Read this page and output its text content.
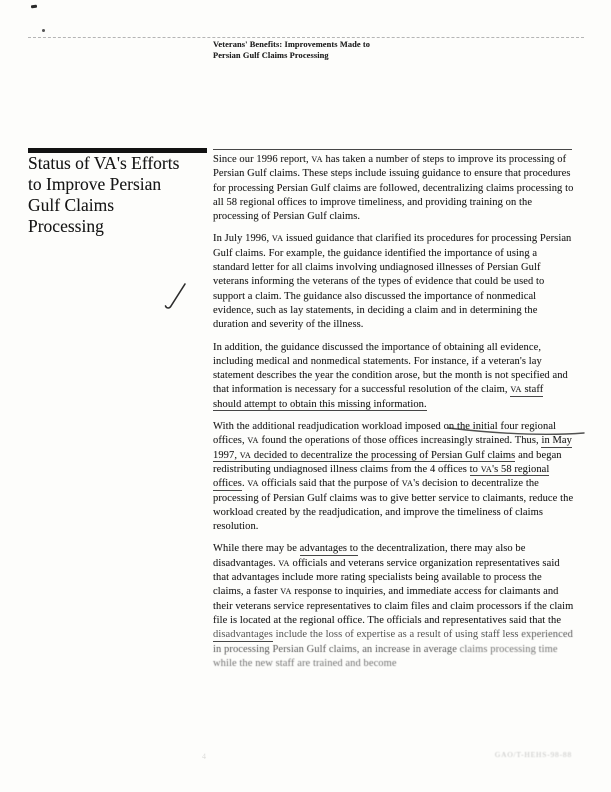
Veterans' Benefits: Improvements Made to
Persian Gulf Claims Processing
Status of VA's Efforts
to Improve Persian
Gulf Claims
Processing

Since our 1996 report, VA has taken a number of steps to improve its processing of Persian Gulf claims. These steps include issuing guidance to ensure that procedures for processing Persian Gulf claims are followed, decentralizing claims processing to all 58 regional offices to improve timeliness, and providing training on the processing of Persian Gulf claims.

In July 1996, VA issued guidance that clarified its procedures for processing Persian Gulf claims. For example, the guidance identified the importance of using a standard letter for all claims involving undiagnosed illnesses of Persian Gulf veterans informing the veterans of the types of evidence that could be used to support a claim. The guidance also discussed the importance of nonmedical evidence, such as lay statements, in deciding a claim and in determining the duration and severity of the illness.

In addition, the guidance discussed the importance of obtaining all evidence, including medical and nonmedical statements. For instance, if a veteran's lay statement describes the year the condition arose, but the month is not specified and that information is necessary for a successful resolution of the claim, VA staff should attempt to obtain this missing information.

With the additional readjudication workload imposed on the initial four regional offices, VA found the operations of those offices increasingly strained. Thus, in May 1997, VA decided to decentralize the processing of Persian Gulf claims and began redistributing undiagnosed illness claims from the 4 offices to VA's 58 regional offices. VA officials said that the purpose of VA's decision to decentralize the processing of Persian Gulf claims was to give better service to claimants, reduce the workload created by the readjudication, and improve the timeliness of claims resolution.

While there may be advantages to the decentralization, there may also be disadvantages. VA officials and veterans service organization representatives said that advantages include more rating specialists being available to process the claims, a faster VA response to inquiries, and immediate access for claimants and their veterans service representatives to claim files and claim processors if the claim file is located at the regional office. The officials and representatives said that the disadvantages include the loss of expertise as a result of using staff less experienced in processing Persian Gulf claims, an increase in average claims processing time while the new staff are trained and become

GAO/T-HEHS-98-88
4
